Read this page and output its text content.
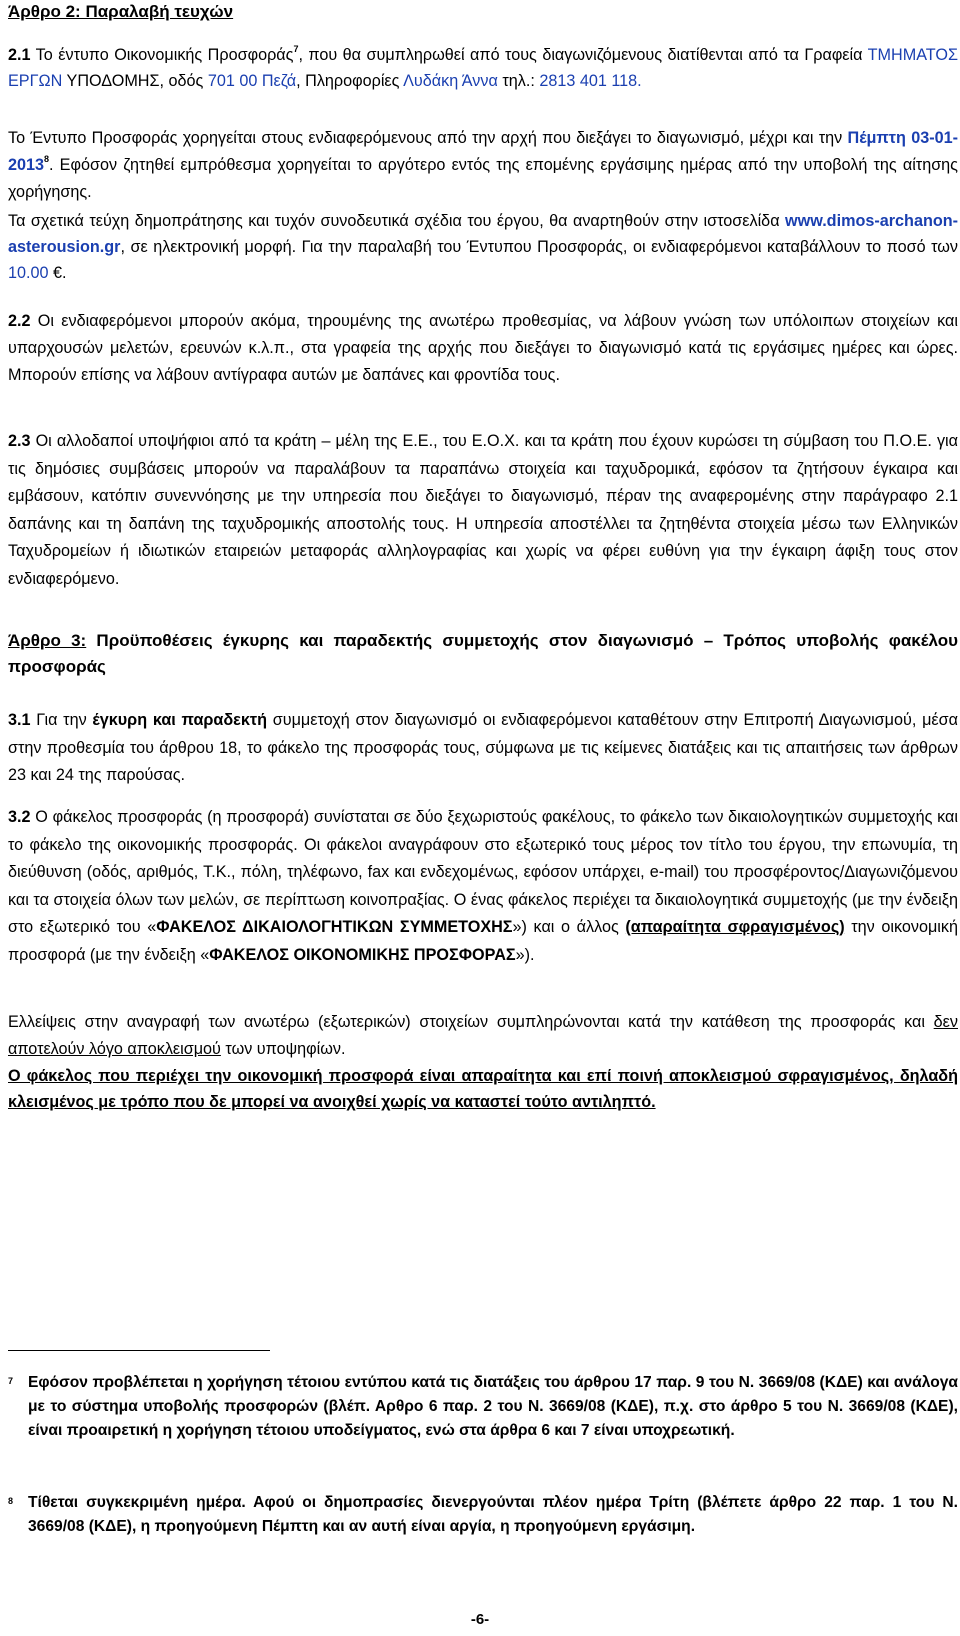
Άρθρο 2: Παραλαβή τευχών

2.1 Το έντυπο Οικονομικής Προσφοράς$^7$, που θα συμπληρωθεί από τους διαγωνιζόμενους διατίθενται από τα Γραφεία ΤΜΗΜΑΤΟΣ ΕΡΓΩΝ ΥΠΟΔΟΜΗΣ, οδός 701 00 Πεζά, Πληροφορίες Λυδάκη Άννα τηλ.: 2813 401 118.

Το Έντυπο Προσφοράς χορηγείται στους ενδιαφερόμενους από την αρχή που διεξάγει το διαγωνισμό, μέχρι και την Πέμπτη 03-01-2013$^8$. Εφόσον ζητηθεί εμπρόθεσμα χορηγείται το αργότερο εντός της επομένης εργάσιμης ημέρας από την υποβολή της αίτησης χορήγησης.

Τα σχετικά τεύχη δημοπράτησης και τυχόν συνοδευτικά σχέδια του έργου, θα αναρτηθούν στην ιστοσελίδα www.dimos-archanon-asterousion.gr, σε ηλεκτρονική μορφή. Για την παραλαβή του Έντυπου Προσφοράς, οι ενδιαφερόμενοι καταβάλλουν το ποσό των 10.00 €.

2.2 Οι ενδιαφερόμενοι μπορούν ακόμα, τηρουμένης της ανωτέρω προθεσμίας, να λάβουν γνώση των υπόλοιπων στοιχείων και υπαρχουσών μελετών, ερευνών κ.λ.π., στα γραφεία της αρχής που διεξάγει το διαγωνισμό κατά τις εργάσιμες ημέρες και ώρες. Μπορούν επίσης να λάβουν αντίγραφα αυτών με δαπάνες και φροντίδα τους.

2.3 Οι αλλοδαποί υποψήφιοι από τα κράτη – μέλη της Ε.Ε., του Ε.Ο.Χ. και τα κράτη που έχουν κυρώσει τη σύμβαση του Π.Ο.Ε. για τις δημόσιες συμβάσεις μπορούν να παραλάβουν τα παραπάνω στοιχεία και ταχυδρομικά, εφόσον τα ζητήσουν έγκαιρα και εμβάσουν, κατόπιν συνεννόησης με την υπηρεσία που διεξάγει το διαγωνισμό, πέραν της αναφερομένης στην παράγραφο 2.1 δαπάνης και τη δαπάνη της ταχυδρομικής αποστολής τους. Η υπηρεσία αποστέλλει τα ζητηθέντα στοιχεία μέσω των Ελληνικών Ταχυδρομείων ή ιδιωτικών εταιρειών μεταφοράς αλληλογραφίας και χωρίς να φέρει ευθύνη για την έγκαιρη άφιξη τους στον ενδιαφερόμενο.

Άρθρο 3: Προϋποθέσεις έγκυρης και παραδεκτής συμμετοχής στον διαγωνισμό – Τρόπος υποβολής φακέλου προσφοράς

3.1 Για την έγκυρη και παραδεκτή συμμετοχή στον διαγωνισμό οι ενδιαφερόμενοι καταθέτουν στην Επιτροπή Διαγωνισμού, μέσα στην προθεσμία του άρθρου 18, το φάκελο της προσφοράς τους, σύμφωνα με τις κείμενες διατάξεις και τις απαιτήσεις των άρθρων 23 και 24 της παρούσας.

3.2 Ο φάκελος προσφοράς (η προσφορά) συνίσταται σε δύο ξεχωριστούς φακέλους, το φάκελο των δικαιολογητικών συμμετοχής και το φάκελο της οικονομικής προσφοράς. Οι φάκελοι αναγράφουν στο εξωτερικό τους μέρος τον τίτλο του έργου, την επωνυμία, τη διεύθυνση (οδός, αριθμός, Τ.Κ., πόλη, τηλέφωνο, fax και ενδεχομένως, εφόσον υπάρχει, e-mail) του προσφέροντος/Διαγωνιζόμενου και τα στοιχεία όλων των μελών, σε περίπτωση κοινοπραξίας. Ο ένας φάκελος περιέχει τα δικαιολογητικά συμμετοχής (με την ένδειξη στο εξωτερικό του «ΦΑΚΕΛΟΣ ΔΙΚΑΙΟΛΟΓΗΤΙΚΩΝ ΣΥΜΜΕΤΟΧΗΣ») και ο άλλος (απαραίτητα σφραγισμένος) την οικονομική προσφορά (με την ένδειξη «ΦΑΚΕΛΟΣ ΟΙΚΟΝΟΜΙΚΗΣ ΠΡΟΣΦΟΡΑΣ»).

Ελλείψεις στην αναγραφή των ανωτέρω (εξωτερικών) στοιχείων συμπληρώνονται κατά την κατάθεση της προσφοράς και δεν αποτελούν λόγο αποκλεισμού των υποψηφίων.

Ο φάκελος που περιέχει την οικονομική προσφορά είναι απαραίτητα και επί ποινή αποκλεισμού σφραγισμένος, δηλαδή κλεισμένος με τρόπο που δε μπορεί να ανοιχθεί χωρίς να καταστεί τούτο αντιληπτό.

7 Εφόσον προβλέπεται η χορήγηση τέτοιου εντύπου κατά τις διατάξεις του άρθρου 17 παρ. 9 του Ν. 3669/08 (ΚΔΕ) και ανάλογα με το σύστημα υποβολής προσφορών (βλέπ. Αρθρο 6 παρ. 2 του Ν. 3669/08 (ΚΔΕ), π.χ. στο άρθρο 5 του Ν. 3669/08 (ΚΔΕ), είναι προαιρετική η χορήγηση τέτοιου υποδείγματος, ενώ στα άρθρα 6 και 7 είναι υποχρεωτική.
8 Τίθεται συγκεκριμένη ημέρα. Αφού οι δημοπρασίες διενεργούνται πλέον ημέρα Τρίτη (βλέπετε άρθρο 22 παρ. 1 του Ν. 3669/08 (ΚΔΕ), η προηγούμενη Πέμπτη και αν αυτή είναι αργία, η προηγούμενη εργάσιμη.
-6-
